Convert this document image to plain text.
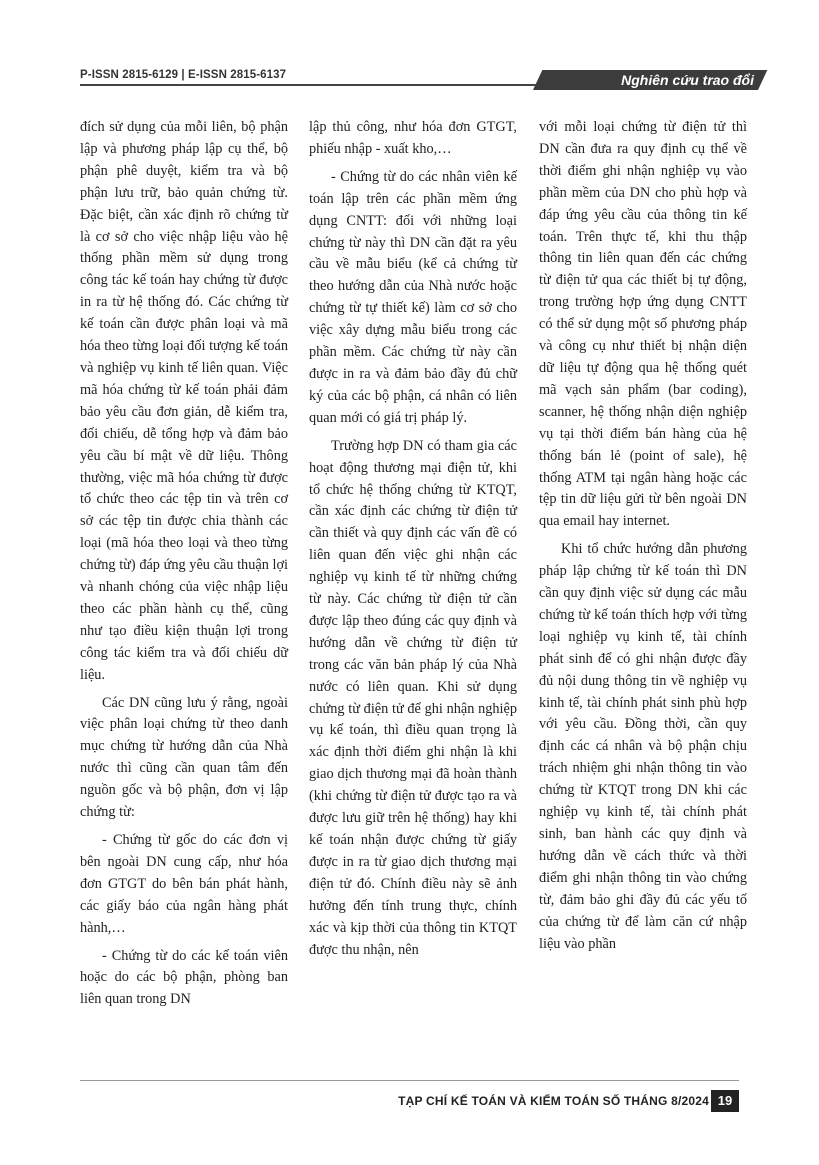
P-ISSN 2815-6129 | E-ISSN 2815-6137	Nghiên cứu trao đổi

đích sử dụng của mỗi liên, bộ phận lập và phương pháp lập cụ thể, bộ phận phê duyệt, kiểm tra và bộ phận lưu trữ, bảo quản chứng từ. Đặc biệt, cần xác định rõ chứng từ là cơ sở cho việc nhập liệu vào hệ thống phần mềm sử dụng trong công tác kế toán hay chứng từ được in ra từ hệ thống đó. Các chứng từ kế toán cần được phân loại và mã hóa theo từng loại đối tượng kế toán và nghiệp vụ kinh tế liên quan. Việc mã hóa chứng từ kế toán phải đảm bảo yêu cầu đơn giản, dễ kiểm tra, đối chiếu, dễ tổng hợp và đảm bảo yêu cầu bí mật về dữ liệu. Thông thường, việc mã hóa chứng từ được tổ chức theo các tệp tin và trên cơ sở các tệp tin được chia thành các loại (mã hóa theo loại và theo từng chứng từ) đáp ứng yêu cầu thuận lợi và nhanh chóng của việc nhập liệu theo các phần hành cụ thể, cũng như tạo điều kiện thuận lợi trong công tác kiểm tra và đối chiếu dữ liệu.

Các DN cũng lưu ý rằng, ngoài việc phân loại chứng từ theo danh mục chứng từ hướng dẫn của Nhà nước thì cũng cần quan tâm đến nguồn gốc và bộ phận, đơn vị lập chứng từ:

- Chứng từ gốc do các đơn vị bên ngoài DN cung cấp, như hóa đơn GTGT do bên bán phát hành, các giấy báo của ngân hàng phát hành,…

- Chứng từ do các kế toán viên hoặc do các bộ phận, phòng ban liên quan trong DN

lập thủ công, như hóa đơn GTGT, phiếu nhập - xuất kho,…

- Chứng từ do các nhân viên kế toán lập trên các phần mềm ứng dụng CNTT: đối với những loại chứng từ này thì DN cần đặt ra yêu cầu về mẫu biểu (kể cả chứng từ theo hướng dẫn của Nhà nước hoặc chứng từ tự thiết kế) làm cơ sở cho việc xây dựng mẫu biểu trong các phần mềm. Các chứng từ này cần được in ra và đảm bảo đầy đủ chữ ký của các bộ phận, cá nhân có liên quan mới có giá trị pháp lý.

Trường hợp DN có tham gia các hoạt động thương mại điện tử, khi tổ chức hệ thống chứng từ KTQT, cần xác định các chứng từ điện tử cần thiết và quy định các vấn đề có liên quan đến việc ghi nhận các nghiệp vụ kinh tế từ những chứng từ này. Các chứng từ điện tử cần được lập theo đúng các quy định và hướng dẫn về chứng từ điện tử trong các văn bản pháp lý của Nhà nước có liên quan. Khi sử dụng chứng từ điện tử để ghi nhận nghiệp vụ kế toán, thì điều quan trọng là xác định thời điểm ghi nhận là khi giao dịch thương mại đã hoàn thành (khi chứng từ điện tử được tạo ra và được lưu giữ trên hệ thống) hay khi kế toán nhận được chứng từ giấy được in ra từ giao dịch thương mại điện tử đó. Chính điều này sẽ ảnh hưởng đến tính trung thực, chính xác và kịp thời của thông tin KTQT được thu nhận, nên

với mỗi loại chứng từ điện tử thì DN cần đưa ra quy định cụ thể về thời điểm ghi nhận nghiệp vụ vào phần mềm của DN cho phù hợp và đáp ứng yêu cầu của thông tin kế toán. Trên thực tế, khi thu thập thông tin liên quan đến các chứng từ điện tử qua các thiết bị tự động, trong trường hợp ứng dụng CNTT có thể sử dụng một số phương pháp và công cụ như thiết bị nhận diện dữ liệu tự động qua hệ thống quét mã vạch sản phẩm (bar coding), scanner, hệ thống nhận diện nghiệp vụ tại thời điểm bán hàng của hệ thống bán lẻ (point of sale), hệ thống ATM tại ngân hàng hoặc các tệp tin dữ liệu gửi từ bên ngoài DN qua email hay internet.

Khi tổ chức hướng dẫn phương pháp lập chứng từ kế toán thì DN cần quy định việc sử dụng các mẫu chứng từ kế toán thích hợp với từng loại nghiệp vụ kinh tế, tài chính phát sinh để có ghi nhận được đầy đủ nội dung thông tin về nghiệp vụ kinh tế, tài chính phát sinh phù hợp với yêu cầu. Đồng thời, cần quy định các cá nhân và bộ phận chịu trách nhiệm ghi nhận thông tin vào chứng từ KTQT trong DN khi các nghiệp vụ kinh tế, tài chính phát sinh, ban hành các quy định và hướng dẫn về cách thức và thời điểm ghi nhận thông tin vào chứng từ, đảm bảo ghi đầy đủ các yếu tố của chứng từ để làm căn cứ nhập liệu vào phần

TẠP CHÍ KẾ TOÁN VÀ KIỂM TOÁN SỐ THÁNG 8/2024 19
